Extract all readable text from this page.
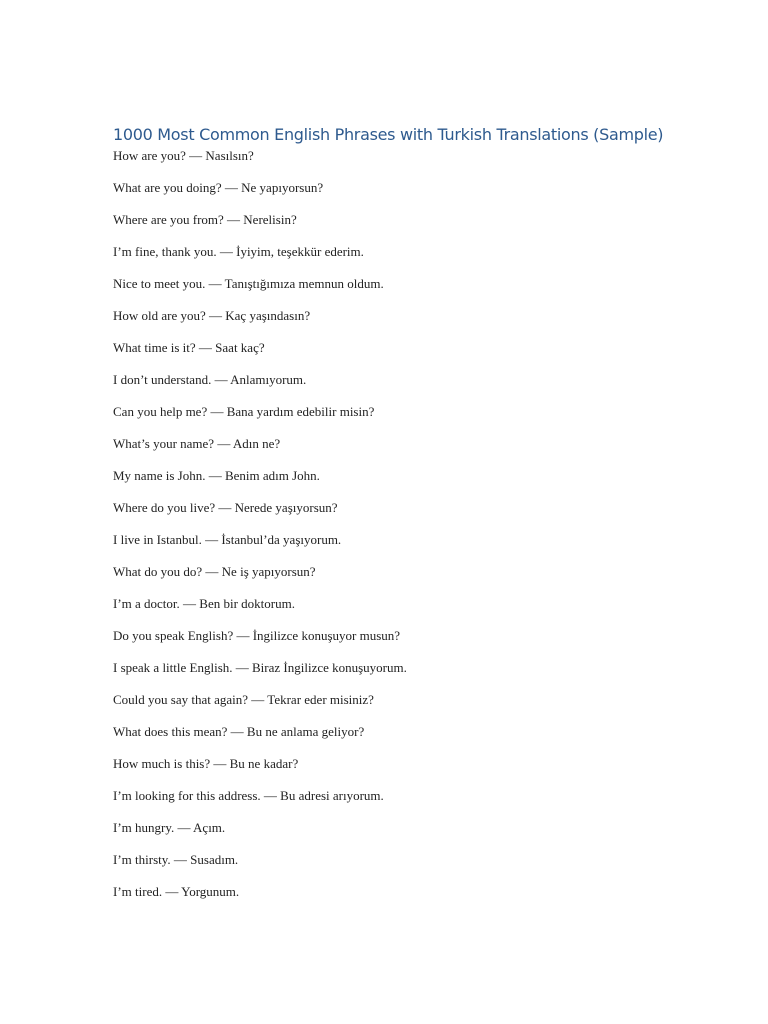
1000 Most Common English Phrases with Turkish Translations (Sample)
How are you? — Nasılsın?
What are you doing? — Ne yapıyorsun?
Where are you from? — Nerelisin?
I’m fine, thank you. — İyiyim, teşekkür ederim.
Nice to meet you. — Tanıştığımıza memnun oldum.
How old are you? — Kaç yaşındasın?
What time is it? — Saat kaç?
I don’t understand. — Anlamıyorum.
Can you help me? — Bana yardım edebilir misin?
What’s your name? — Adın ne?
My name is John. — Benim adım John.
Where do you live? — Nerede yaşıyorsun?
I live in Istanbul. — İstanbul’da yaşıyorum.
What do you do? — Ne iş yapıyorsun?
I’m a doctor. — Ben bir doktorum.
Do you speak English? — İngilizce konuşuyor musun?
I speak a little English. — Biraz İngilizce konuşuyorum.
Could you say that again? — Tekrar eder misiniz?
What does this mean? — Bu ne anlama geliyor?
How much is this? — Bu ne kadar?
I’m looking for this address. — Bu adresi arıyorum.
I’m hungry. — Açım.
I’m thirsty. — Susadım.
I’m tired. — Yorgunum.
